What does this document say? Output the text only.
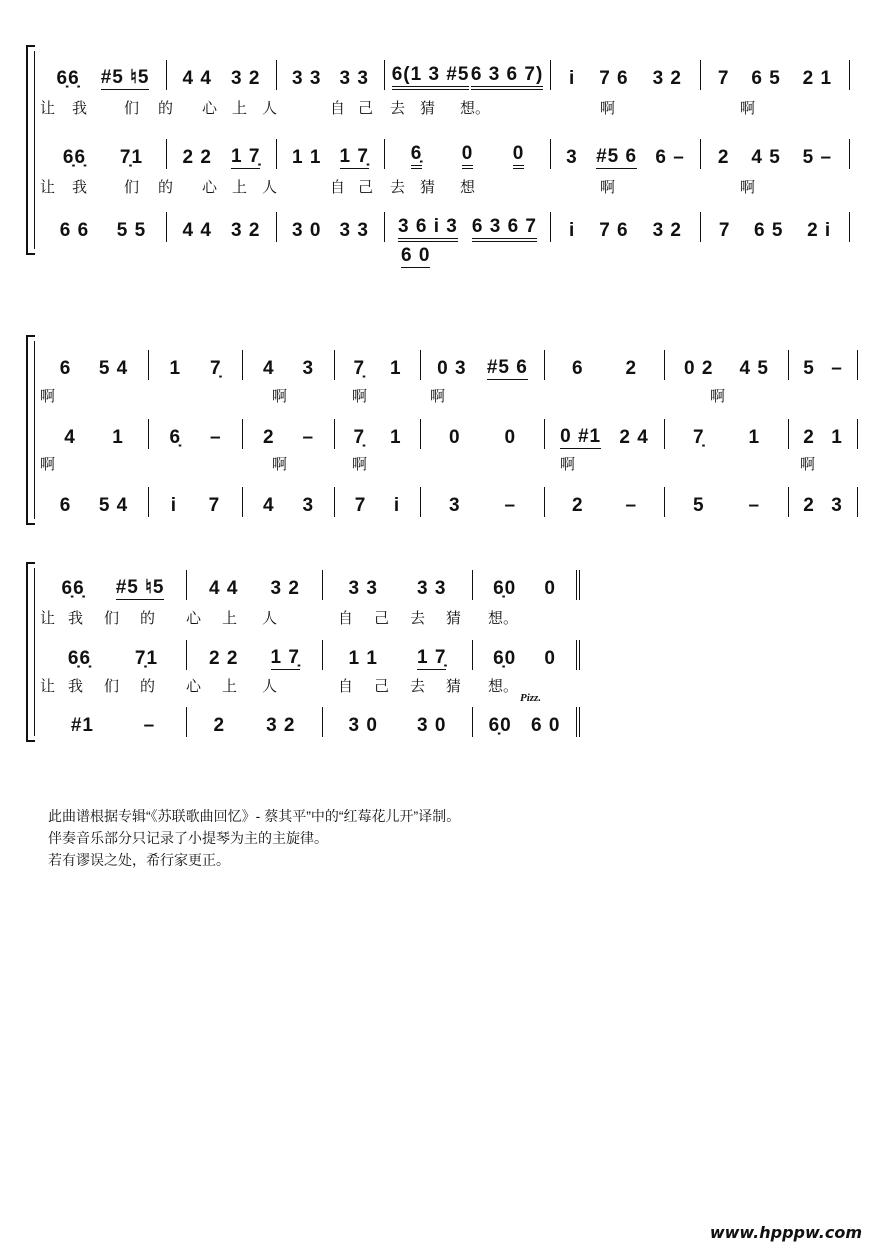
6̣6̣ #5 ♮5 4 4 3 2 3 3 3 3 6(1 3 #5 6 3 6 7) i 7 6 3 2 7 6 5 2 1
让 我 们 的 心 上 人	自 己 去 猜 想。	啊	啊
6̣6̣ 7̣1 2 2 1 7̣ 1 1 1 7̣ 6̣ 0 0 3 #5 6 6 – 2 4 5 5 –
让 我 们 的 心 上 人	自 己 去 猜 想	啊	啊
6 6 5 5 4 4 3 2 3 0 3 3 3 6 i 3 6 3 6 7 i 7 6 3 2 7 6 5 2 i
6 0
6 5 4 1 7̣ 4 3 7̣ 1 0 3 #5 6 6 2 0 2 4 5 5 –
啊	啊	啊	啊	啊
4 1 6̣ – 2 – 7̣ 1 0 0 0 #1 2 4 7̣ 1 2 1
啊	啊	啊	啊	啊
6 5 4 i 7 4 3 7 i	3 –	2 –	5 – 2 3
6̣6̣ #5 ♮5 4 4 3 2	3 3 3 3 6̣0 0
让 我 们 的 心 上 人	自 己 去 猜 想。
6̣6̣ 7̣1	2 2 1 7̣	1 1 1 7̣ 6̣0 0
让 我 们 的 心 上 人	自 己 去 猜 想。
Pizz.
#1	–	2 3 2	3 0 3 0 6̣0 6 0
此曲谱根据专辑“《苏联歌曲回忆》- 蔡其平”中的“红莓花儿开”译制。
伴奏音乐部分只记录了小提琴为主的主旋律。
若有谬误之处，希行家更正。
www.hpppw.com
